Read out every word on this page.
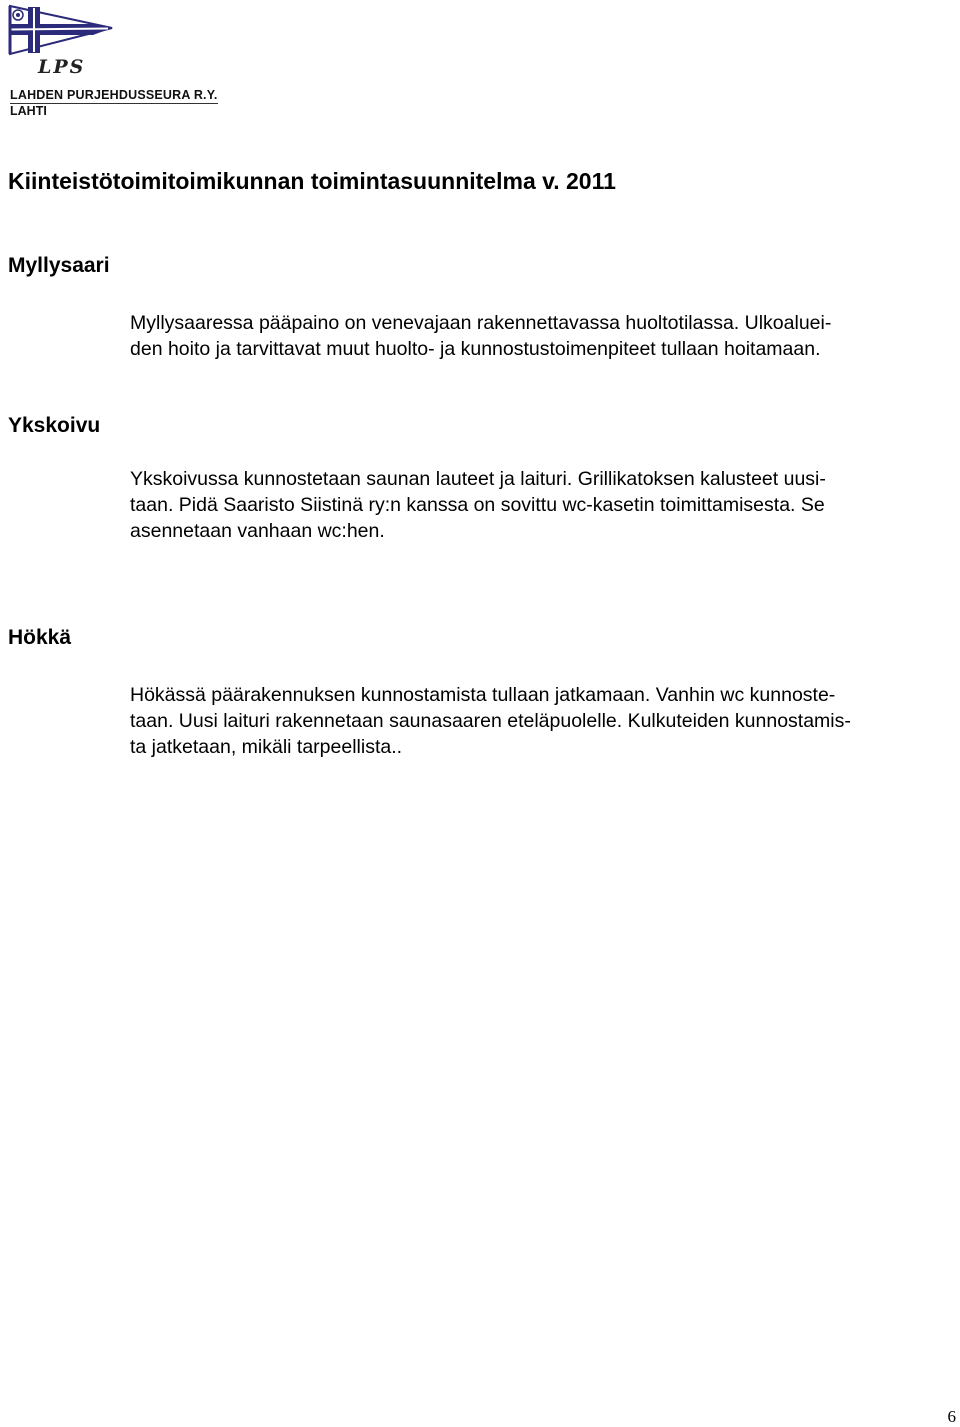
LPS
LAHDEN PURJEHDUSSEURA R.Y.
LAHTI
Kiinteistötoimitoimikunnan toimintasuunnitelma v. 2011
Myllysaari

Myllysaaressa pääpaino on venevajaan rakennettavassa huoltotilassa. Ulkoaluei-
den hoito ja tarvittavat muut huolto- ja kunnostustoimenpiteet tullaan hoitamaan.

Ykskoivu

Ykskoivussa kunnostetaan saunan lauteet ja laituri. Grillikatoksen kalusteet uusi-
taan. Pidä Saaristo Siistinä ry:n kanssa on sovittu wc-kasetin toimittamisesta. Se
asennetaan vanhaan wc:hen.

Hökkä

Hökässä päärakennuksen kunnostamista tullaan jatkamaan. Vanhin wc kunnoste-
taan. Uusi laituri rakennetaan saunasaaren eteläpuolelle. Kulkuteiden kunnostamis-
ta jatketaan, mikäli tarpeellista..

6
